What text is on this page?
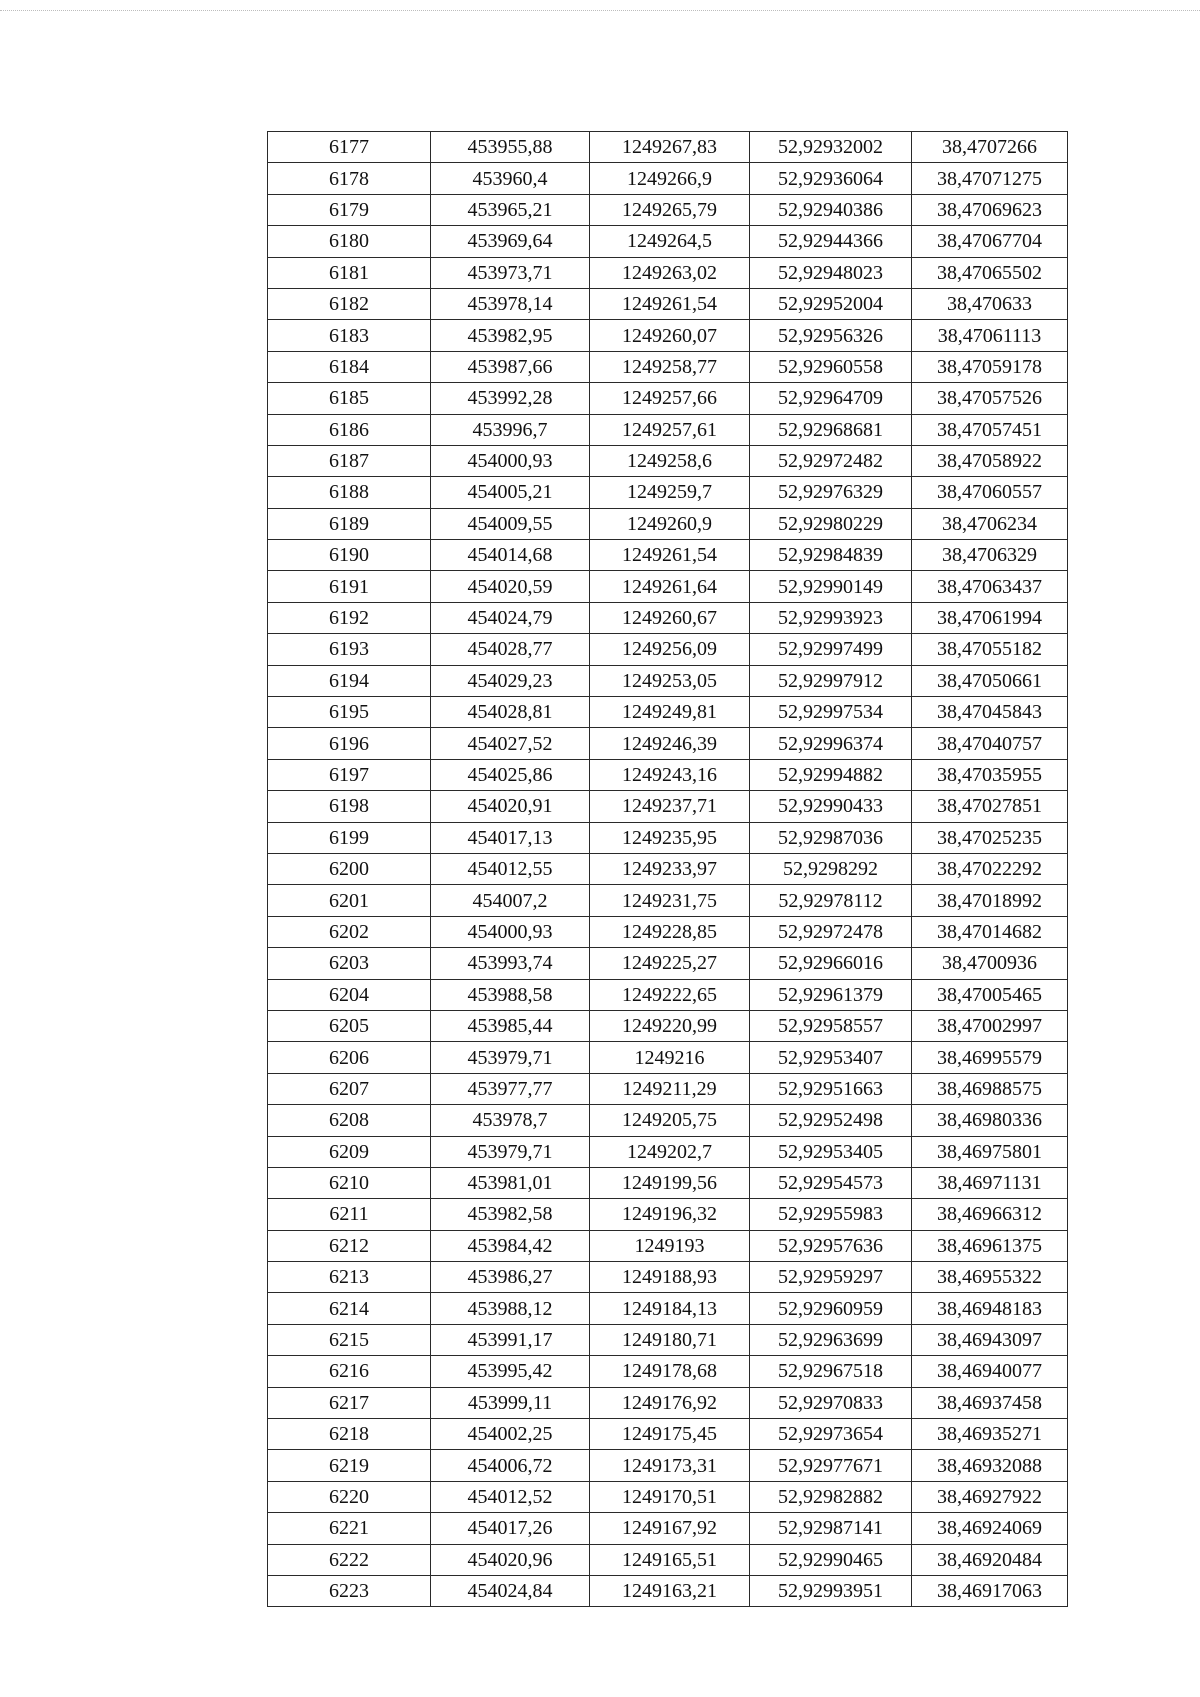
6177	453955,88	1249267,83	52,92932002	38,4707266
6178	453960,4	1249266,9	52,92936064	38,47071275
6179	453965,21	1249265,79	52,92940386	38,47069623
6180	453969,64	1249264,5	52,92944366	38,47067704
6181	453973,71	1249263,02	52,92948023	38,47065502
6182	453978,14	1249261,54	52,92952004	38,470633
6183	453982,95	1249260,07	52,92956326	38,47061113
6184	453987,66	1249258,77	52,92960558	38,47059178
6185	453992,28	1249257,66	52,92964709	38,47057526
6186	453996,7	1249257,61	52,92968681	38,47057451
6187	454000,93	1249258,6	52,92972482	38,47058922
6188	454005,21	1249259,7	52,92976329	38,47060557
6189	454009,55	1249260,9	52,92980229	38,4706234
6190	454014,68	1249261,54	52,92984839	38,4706329
6191	454020,59	1249261,64	52,92990149	38,47063437
6192	454024,79	1249260,67	52,92993923	38,47061994
6193	454028,77	1249256,09	52,92997499	38,47055182
6194	454029,23	1249253,05	52,92997912	38,47050661
6195	454028,81	1249249,81	52,92997534	38,47045843
6196	454027,52	1249246,39	52,92996374	38,47040757
6197	454025,86	1249243,16	52,92994882	38,47035955
6198	454020,91	1249237,71	52,92990433	38,47027851
6199	454017,13	1249235,95	52,92987036	38,47025235
6200	454012,55	1249233,97	52,9298292	38,47022292
6201	454007,2	1249231,75	52,92978112	38,47018992
6202	454000,93	1249228,85	52,92972478	38,47014682
6203	453993,74	1249225,27	52,92966016	38,4700936
6204	453988,58	1249222,65	52,92961379	38,47005465
6205	453985,44	1249220,99	52,92958557	38,47002997
6206	453979,71	1249216	52,92953407	38,46995579
6207	453977,77	1249211,29	52,92951663	38,46988575
6208	453978,7	1249205,75	52,92952498	38,46980336
6209	453979,71	1249202,7	52,92953405	38,46975801
6210	453981,01	1249199,56	52,92954573	38,46971131
6211	453982,58	1249196,32	52,92955983	38,46966312
6212	453984,42	1249193	52,92957636	38,46961375
6213	453986,27	1249188,93	52,92959297	38,46955322
6214	453988,12	1249184,13	52,92960959	38,46948183
6215	453991,17	1249180,71	52,92963699	38,46943097
6216	453995,42	1249178,68	52,92967518	38,46940077
6217	453999,11	1249176,92	52,92970833	38,46937458
6218	454002,25	1249175,45	52,92973654	38,46935271
6219	454006,72	1249173,31	52,92977671	38,46932088
6220	454012,52	1249170,51	52,92982882	38,46927922
6221	454017,26	1249167,92	52,92987141	38,46924069
6222	454020,96	1249165,51	52,92990465	38,46920484
6223	454024,84	1249163,21	52,92993951	38,46917063
